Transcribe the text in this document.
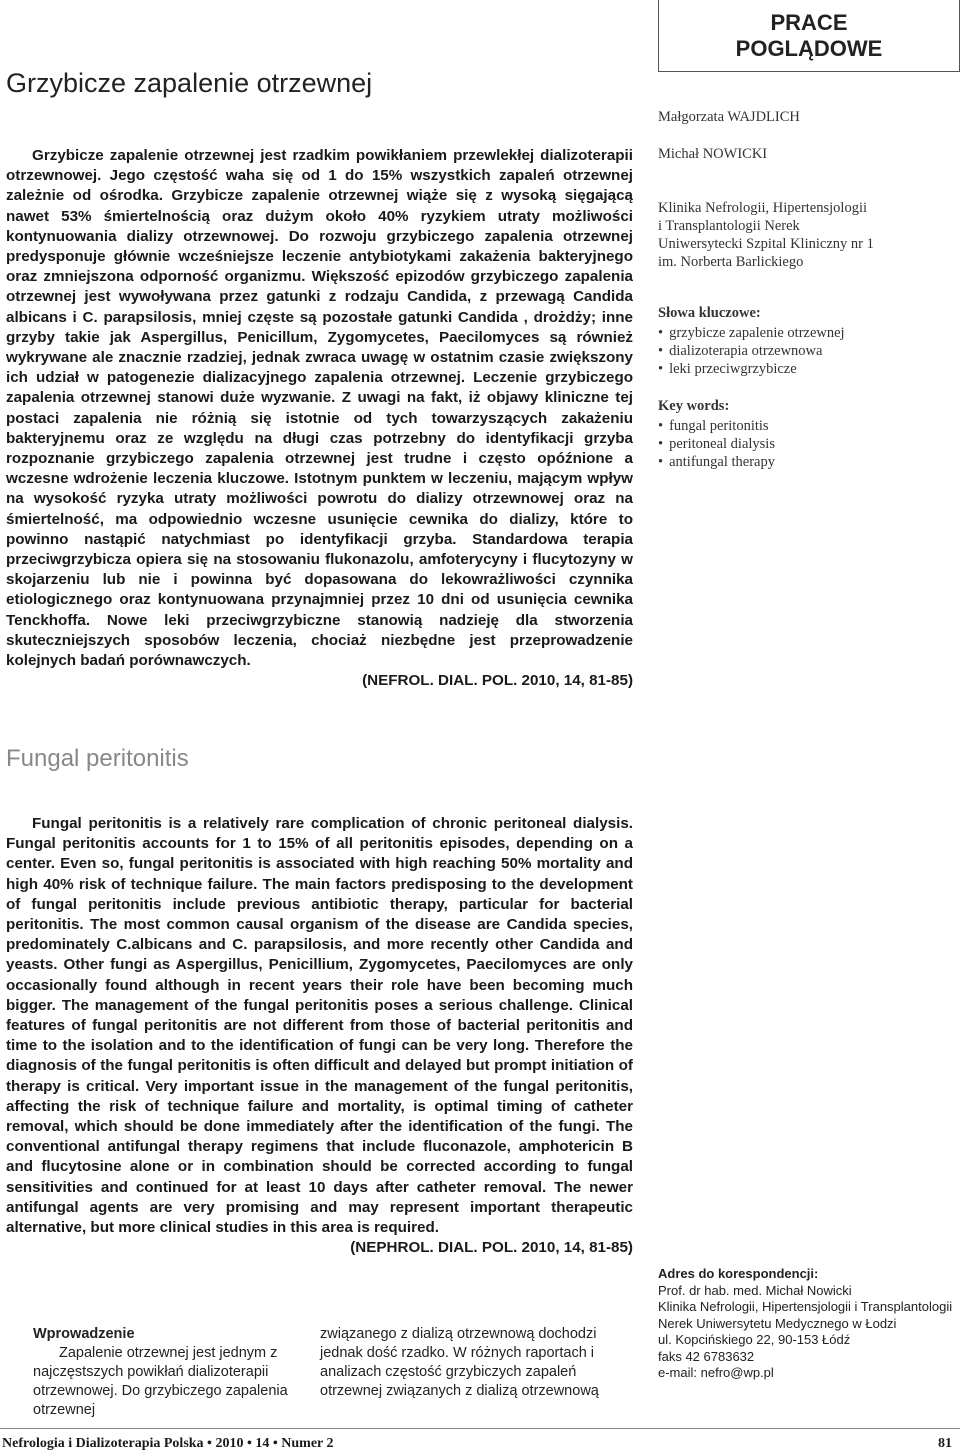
PRACE
POGLĄDOWE
Grzybicze zapalenie otrzewnej
Grzybicze zapalenie otrzewnej jest rzadkim powikłaniem przewlekłej dializoterapii otrzewnowej. Jego częstość waha się od 1 do 15% wszystkich zapaleń otrzewnej zależnie od ośrodka. Grzybicze zapalenie otrzewnej wiąże się z wysoką sięgającą nawet 53% śmiertelnością oraz dużym około 40% ryzykiem utraty możliwości kontynuowania dializy otrzewnowej. Do rozwoju grzybiczego zapalenia otrzewnej predysponuje głównie wcześniejsze leczenie antybiotykami zakażenia bakteryjnego oraz zmniejszona odporność organizmu. Większość epizodów grzybiczego zapalenia otrzewnej jest wywoływana przez gatunki z rodzaju Candida, z przewagą Candida albicans i C. parapsilosis, mniej częste są pozostałe gatunki Candida , drożdży; inne grzyby takie jak Aspergillus, Penicillum, Zygomycetes, Paecilomyces są również wykrywane ale znacznie rzadziej, jednak zwraca uwagę w ostatnim czasie zwiększony ich udział w patogenezie dializacyjnego zapalenia otrzewnej. Leczenie grzybiczego zapalenia otrzewnej stanowi duże wyzwanie. Z uwagi na fakt, iż objawy kliniczne tej postaci zapalenia nie różnią się istotnie od tych towarzyszących zakażeniu bakteryjnemu oraz ze względu na długi czas potrzebny do identyfikacji grzyba rozpoznanie grzybiczego zapalenia otrzewnej jest trudne i często opóźnione a wczesne wdrożenie leczenia kluczowe. Istotnym punktem w leczeniu, mającym wpływ na wysokość ryzyka utraty możliwości powrotu do dializy otrzewnowej oraz na śmiertelność, ma odpowiednio wczesne usunięcie cewnika do dializy, które to powinno nastąpić natychmiast po identyfikacji grzyba. Standardowa terapia przeciwgrzybicza opiera się na stosowaniu flukonazolu, amfoterycyny i flucytozyny w skojarzeniu lub nie i powinna być dopasowana do lekowrażliwości czynnika etiologicznego oraz kontynuowana przynajmniej przez 10 dni od usunięcia cewnika Tenckhoffa. Nowe leki przeciwgrzybiczne stanowią nadzieję dla stworzenia skuteczniejszych sposobów leczenia, chociaż niezbędne jest przeprowadzenie kolejnych badań porównawczych.
(NEFROL. DIAL. POL. 2010, 14, 81-85)
Małgorzata WAJDLICH
Michał NOWICKI
Klinika Nefrologii, Hipertensjologii
i Transplantologii Nerek
Uniwersytecki Szpital Kliniczny nr 1
im. Norberta Barlickiego
Słowa kluczowe:
• grzybicze zapalenie otrzewnej
• dializoterapia otrzewnowa
• leki przeciwgrzybicze
Key words:
• fungal peritonitis
• peritoneal dialysis
• antifungal therapy
Fungal peritonitis
Fungal peritonitis is a relatively rare complication of chronic peritoneal dialysis. Fungal peritonitis accounts for 1 to 15% of all peritonitis episodes, depending on a center. Even so, fungal peritonitis is associated with high reaching 50% mortality and high 40% risk of technique failure. The main factors predisposing to the development of fungal peritonitis include previous antibiotic therapy, particular for bacterial peritonitis. The most common causal organism of the disease are Candida species, predominately C.albicans and C. parapsilosis, and more recently other Candida and yeasts. Other fungi as Aspergillus, Penicillium, Zygomycetes, Paecilomyces are only occasionally found although in recent years their role have been becoming much bigger. The management of the fungal peritonitis poses a serious challenge. Clinical features of fungal peritonitis are not different from those of bacterial peritonitis and time to the isolation and to the identification of fungi can be very long. Therefore the diagnosis of the fungal peritonitis is often difficult and delayed but prompt initiation of therapy is critical. Very important issue in the management of the fungal peritonitis, affecting the risk of technique failure and mortality, is optimal timing of catheter removal, which should be done immediately after the identification of the fungi. The conventional antifungal therapy regimens that include fluconazole, amphotericin B and flucytosine alone or in combination should be corrected according to fungal sensitivities and continued for at least 10 days after catheter removal. The newer antifungal agents are very promising and may represent important therapeutic alternative, but more clinical studies in this area is required.
(NEPHROL. DIAL. POL. 2010, 14, 81-85)
Adres do korespondencji:
Prof. dr hab. med. Michał Nowicki
Klinika Nefrologii, Hipertensjologii i Transplantologii
Nerek Uniwersytetu Medycznego w Łodzi
ul. Kopcińskiego 22, 90-153 Łódź
faks 42 6783632
e-mail: nefro@wp.pl
Wprowadzenie
Zapalenie otrzewnej jest jednym z najczęstszych powikłań dializoterapii otrzewnowej. Do grzybiczego zapalenia otrzewnej
związanego z dializą otrzewnową dochodzi jednak dość rzadko. W różnych raportach i analizach częstość grzybiczych zapaleń otrzewnej związanych z dializą otrzewnową
Nefrologia i Dializoterapia Polska • 2010 • 14 • Numer 2	81
